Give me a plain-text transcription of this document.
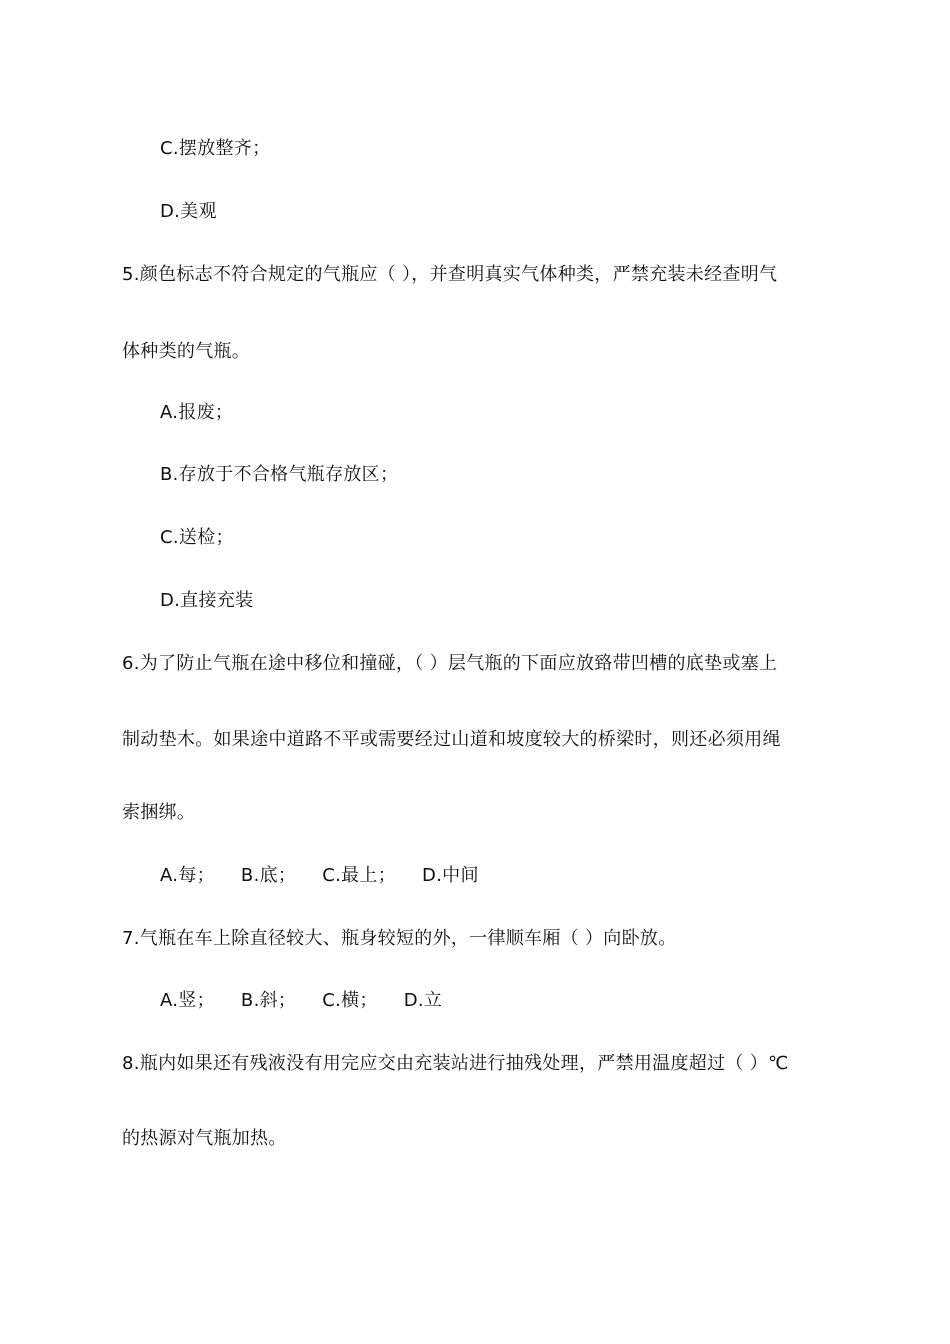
C.摆放整齐；
D.美观
5.颜色标志不符合规定的气瓶应（ ），并查明真实气体种类，严禁充装未经查明气
体种类的气瓶。
A.报废；
B.存放于不合格气瓶存放区；
C.送检；
D.直接充装
6.为了防止气瓶在途中移位和撞碰，（ ）层气瓶的下面应放臵带凹槽的底垫或塞上
制动垫木。如果途中道路不平或需要经过山道和坡度较大的桥梁时，则还必须用绳
索捆绑。
A.每； B.底； C.最上； D.中间
7.气瓶在车上除直径较大、瓶身较短的外，一律顺车厢（ ）向卧放。
A.竖； B.斜； C.横； D.立
8.瓶内如果还有残液没有用完应交由充装站进行抽残处理，严禁用温度超过（ ）℃
的热源对气瓶加热。
